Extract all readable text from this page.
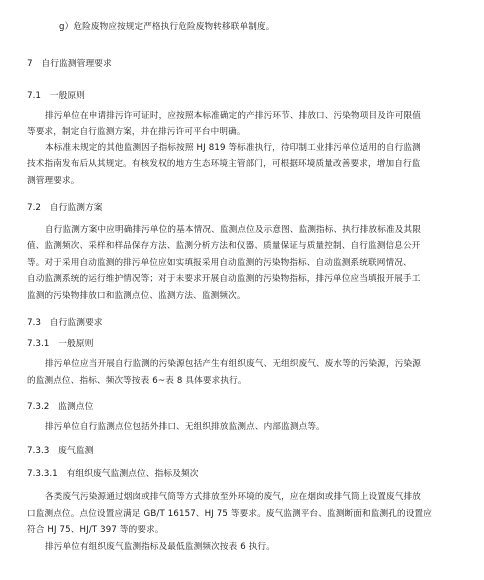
g）危险废物应按规定严格执行危险废物转移联单制度。
7　自行监测管理要求
7.1　一般原则
排污单位在申请排污许可证时，应按照本标准确定的产排污环节、排放口、污染物项目及许可限值
等要求，制定自行监测方案，并在排污许可平台中明确。
本标准未规定的其他监测因子指标按照 HJ 819 等标准执行，待印制工业排污单位适用的自行监测
技术指南发布后从其规定。有核发权的地方生态环境主管部门，可根据环境质量改善要求，增加自行监
测管理要求。
7.2　自行监测方案
自行监测方案中应明确排污单位的基本情况、监测点位及示意图、监测指标、执行排放标准及其限
值、监测频次、采样和样品保存方法、监测分析方法和仪器、质量保证与质量控制、自行监测信息公开
等。对于采用自动监测的排污单位应如实填报采用自动监测的污染物指标、自动监测系统联网情况、
自动监测系统的运行维护情况等；对于未要求开展自动监测的污染物指标，排污单位应当填报开展手工
监测的污染物排放口和监测点位、监测方法、监测频次。
7.3　自行监测要求
7.3.1　一般原则
排污单位应当开展自行监测的污染源包括产生有组织废气、无组织废气、废水等的污染源，污染源
的监测点位、指标、频次等按表 6~表 8 具体要求执行。
7.3.2　监测点位
排污单位自行监测点位包括外排口、无组织排放监测点、内部监测点等。
7.3.3　废气监测
7.3.3.1　有组织废气监测点位、指标及频次
各类废气污染源通过烟囱或排气筒等方式排放至外环境的废气，应在烟囱或排气筒上设置废气排放
口监测点位。点位设置应满足 GB/T 16157、HJ 75 等要求。废气监测平台、监测断面和监测孔的设置应
符合 HJ 75、HJ/T 397 等的要求。
排污单位有组织废气监测指标及最低监测频次按表 6 执行。
